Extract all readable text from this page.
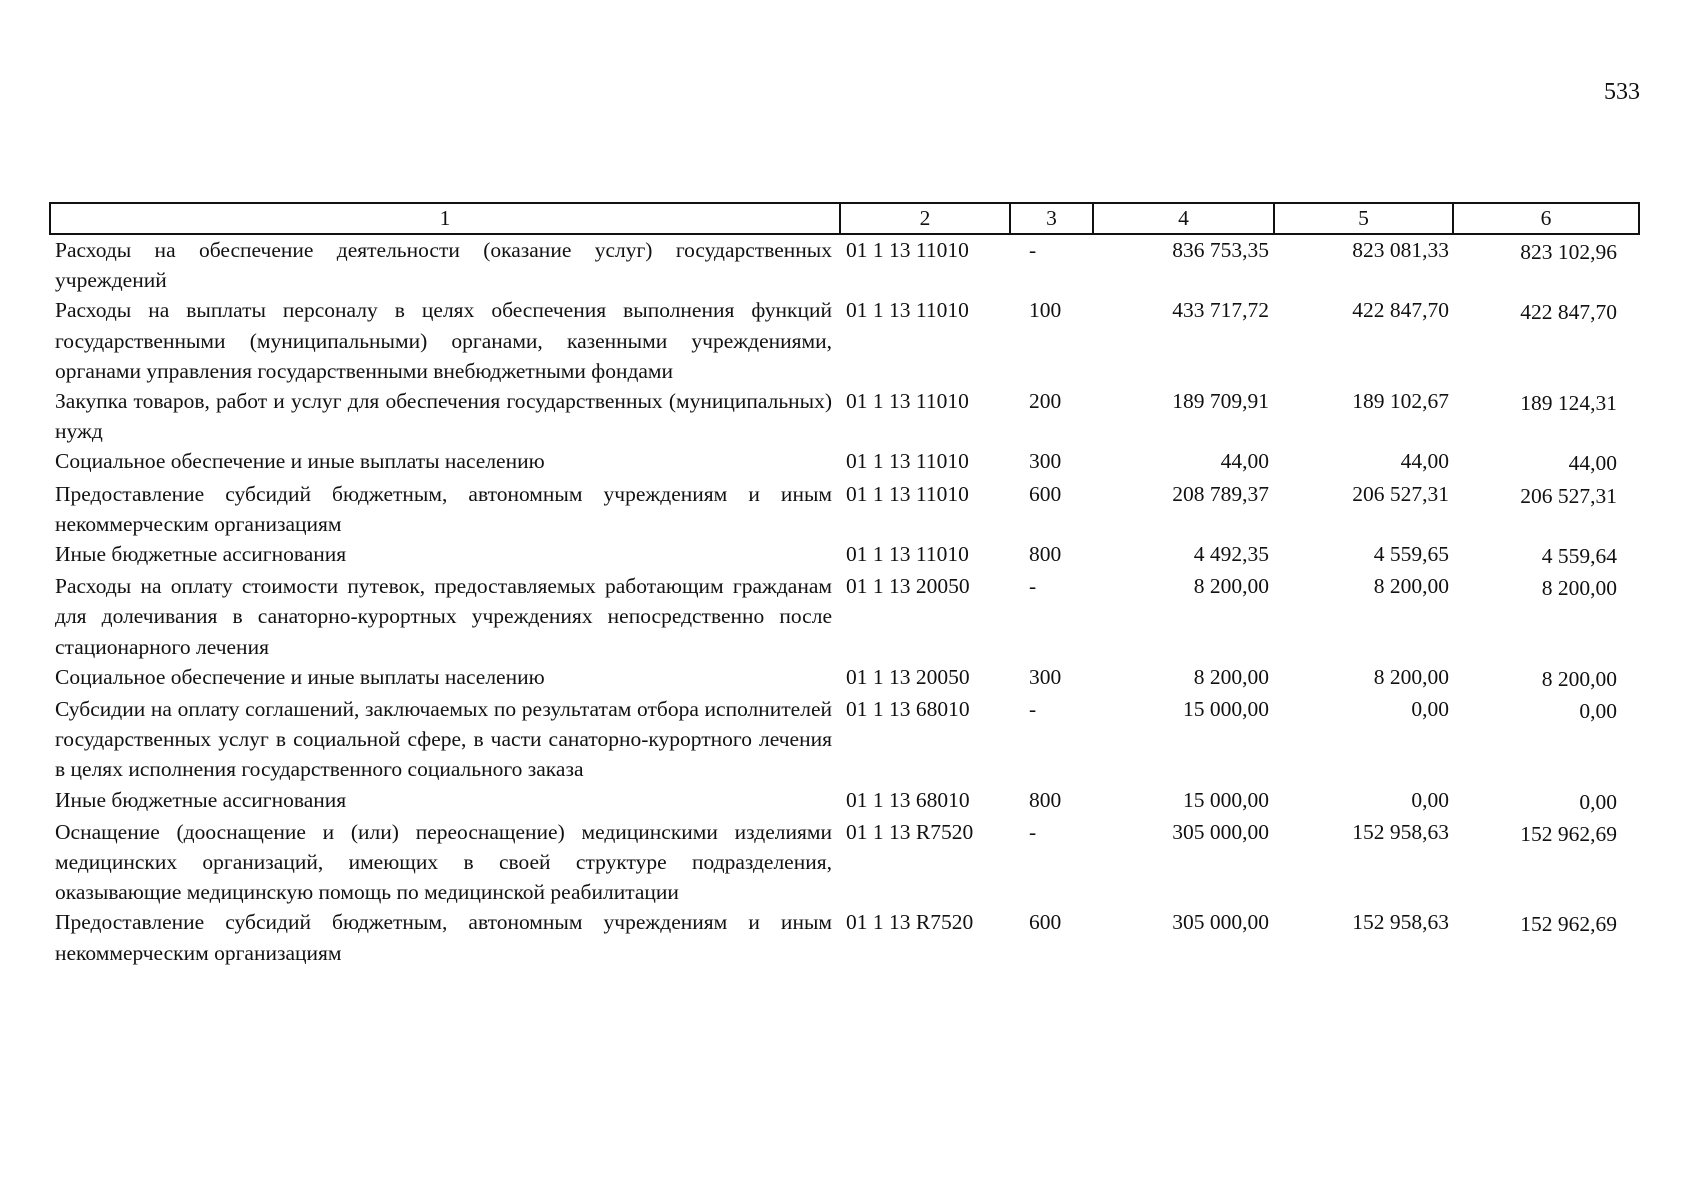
533
1	2	3	4	5	6
Расходы на обеспечение деятельности (оказание услуг) государственных учреждений	01 1 13 11010	-	836 753,35	823 081,33	823 102,96
Расходы на выплаты персоналу в целях обеспечения выполнения функций государственными (муниципальными) органами, казенными учреждениями, органами управления государственными внебюджетными фондами	01 1 13 11010	100	433 717,72	422 847,70	422 847,70
Закупка товаров, работ и услуг для обеспечения государственных (муниципальных) нужд	01 1 13 11010	200	189 709,91	189 102,67	189 124,31
Социальное обеспечение и иные выплаты населению	01 1 13 11010	300	44,00	44,00	44,00
Предоставление субсидий бюджетным, автономным учреждениям и иным некоммерческим организациям	01 1 13 11010	600	208 789,37	206 527,31	206 527,31
Иные бюджетные ассигнования	01 1 13 11010	800	4 492,35	4 559,65	4 559,64
Расходы на оплату стоимости путевок, предоставляемых работающим гражданам для долечивания в санаторно-курортных учреждениях непосредственно после стационарного лечения	01 1 13 20050	-	8 200,00	8 200,00	8 200,00
Социальное обеспечение и иные выплаты населению	01 1 13 20050	300	8 200,00	8 200,00	8 200,00
Субсидии на оплату соглашений, заключаемых по результатам отбора исполнителей государственных услуг в социальной сфере, в части санаторно-курортного лечения в целях исполнения государственного социального заказа	01 1 13 68010	-	15 000,00	0,00	0,00
Иные бюджетные ассигнования	01 1 13 68010	800	15 000,00	0,00	0,00
Оснащение (дооснащение и (или) переоснащение) медицинскими изделиями медицинских организаций, имеющих в своей структуре подразделения, оказывающие медицинскую помощь по медицинской реабилитации	01 1 13 R7520	-	305 000,00	152 958,63	152 962,69
Предоставление субсидий бюджетным, автономным учреждениям и иным некоммерческим организациям	01 1 13 R7520	600	305 000,00	152 958,63	152 962,69
